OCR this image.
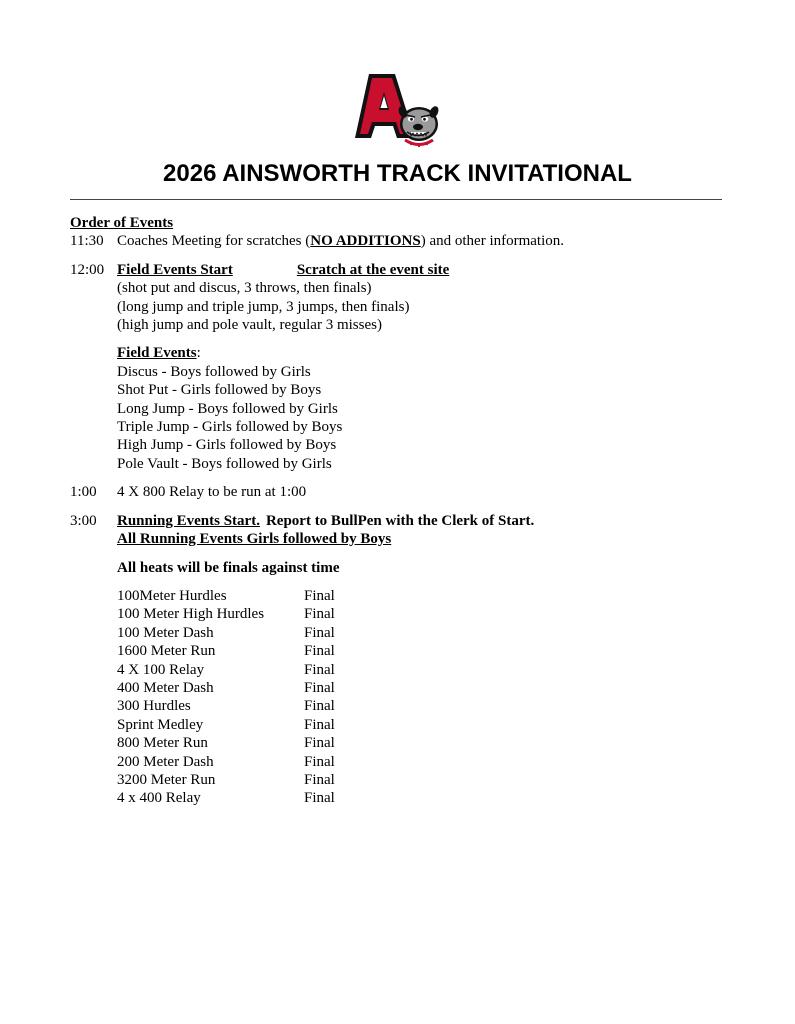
2026 AINSWORTH TRACK INVITATIONAL
Order of Events
11:30 Coaches Meeting for scratches (NO ADDITIONS) and other information.
12:00 Field Events Start	Scratch at the event site
(shot put and discus, 3 throws, then finals)
(long jump and triple jump, 3 jumps, then finals)
(high jump and pole vault, regular 3 misses)
Field Events:
Discus - Boys followed by Girls
Shot Put - Girls followed by Boys
Long Jump - Boys followed by Girls
Triple Jump - Girls followed by Boys
High Jump - Girls followed by Boys
Pole Vault - Boys followed by Girls
1:00	4 X 800 Relay to be run at 1:00
3:00	Running Events Start. Report to BullPen with the Clerk of Start.
All Running Events Girls followed by Boys
All heats will be finals against time
100Meter Hurdles	Final
100 Meter High Hurdles	Final
100 Meter Dash	Final
1600 Meter Run	Final
4 X 100 Relay	Final
400 Meter Dash	Final
300 Hurdles	Final
Sprint Medley	Final
800 Meter Run	Final
200 Meter Dash	Final
3200 Meter Run	Final
4 x 400 Relay	Final
